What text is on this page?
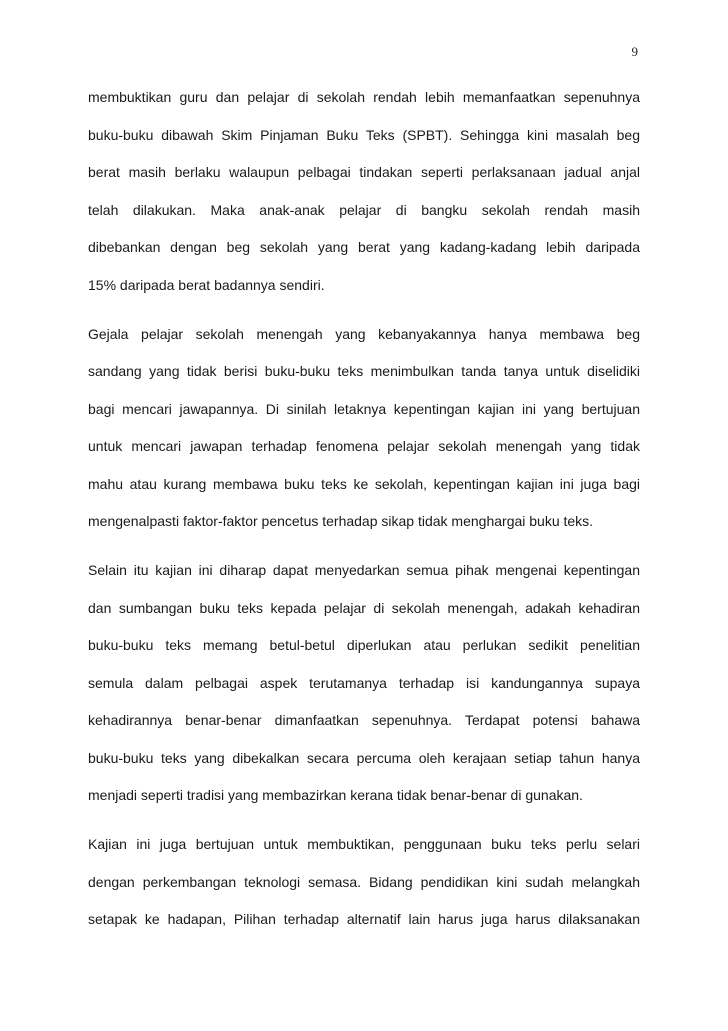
9
membuktikan guru dan pelajar di sekolah rendah lebih memanfaatkan sepenuhnya
buku-buku dibawah Skim Pinjaman Buku Teks (SPBT). Sehingga kini masalah beg
berat masih berlaku walaupun pelbagai tindakan seperti perlaksanaan jadual anjal
telah dilakukan. Maka anak-anak pelajar di bangku sekolah rendah masih
dibebankan dengan beg sekolah yang berat yang kadang-kadang lebih daripada
15% daripada berat badannya sendiri.
Gejala pelajar sekolah menengah yang kebanyakannya hanya membawa beg
sandang yang tidak berisi buku-buku teks menimbulkan tanda tanya untuk diselidiki
bagi mencari jawapannya. Di sinilah letaknya kepentingan kajian ini yang bertujuan
untuk mencari jawapan terhadap fenomena pelajar sekolah menengah yang tidak
mahu atau kurang membawa buku teks ke sekolah, kepentingan kajian ini juga bagi
mengenalpasti faktor-faktor pencetus terhadap sikap tidak menghargai buku teks.
Selain itu kajian ini diharap dapat menyedarkan semua pihak mengenai kepentingan
dan sumbangan buku teks kepada pelajar di sekolah menengah, adakah kehadiran
buku-buku teks memang betul-betul diperlukan atau perlukan sedikit penelitian
semula dalam pelbagai aspek terutamanya terhadap isi kandungannya supaya
kehadirannya benar-benar dimanfaatkan sepenuhnya. Terdapat potensi bahawa
buku-buku teks yang dibekalkan secara percuma oleh kerajaan setiap tahun hanya
menjadi seperti tradisi yang membazirkan kerana tidak benar-benar di gunakan.
Kajian ini juga bertujuan untuk membuktikan, penggunaan buku teks perlu selari
dengan perkembangan teknologi semasa. Bidang pendidikan kini sudah melangkah
setapak ke hadapan, Pilihan terhadap alternatif lain harus juga harus dilaksanakan
